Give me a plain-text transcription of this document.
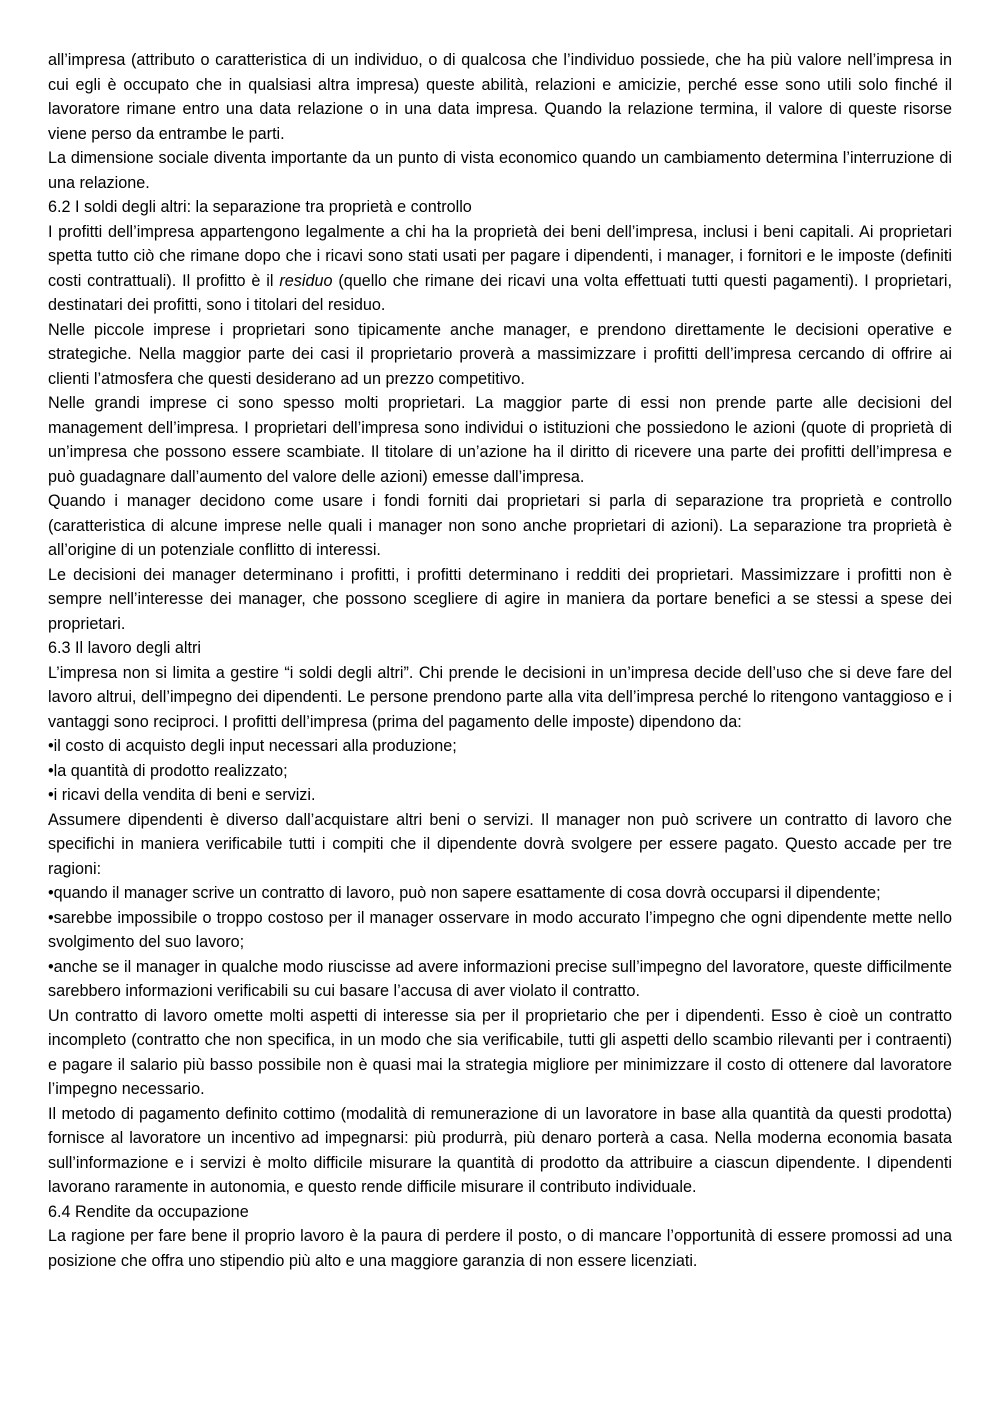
all’impresa (attributo o caratteristica di un individuo, o di qualcosa che l’individuo possiede, che ha più valore nell’impresa in cui egli è occupato che in qualsiasi altra impresa) queste abilità, relazioni e amicizie, perché esse sono utili solo finché il lavoratore rimane entro una data relazione o in una data impresa. Quando la relazione termina, il valore di queste risorse viene perso da entrambe le parti.

La dimensione sociale diventa importante da un punto di vista economico quando un cambiamento determina l’interruzione di una relazione.

6.2 I soldi degli altri: la separazione tra proprietà e controllo

I profitti dell’impresa appartengono legalmente a chi ha la proprietà dei beni dell’impresa, inclusi i beni capitali. Ai proprietari spetta tutto ciò che rimane dopo che i ricavi sono stati usati per pagare i dipendenti, i manager, i fornitori e le imposte (definiti costi contrattuali). Il profitto è il residuo (quello che rimane dei ricavi una volta effettuati tutti questi pagamenti). I proprietari, destinatari dei profitti, sono i titolari del residuo.

Nelle piccole imprese i proprietari sono tipicamente anche manager, e prendono direttamente le decisioni operative e strategiche. Nella maggior parte dei casi il proprietario proverà a massimizzare i profitti dell’impresa cercando di offrire ai clienti l’atmosfera che questi desiderano ad un prezzo competitivo.

Nelle grandi imprese ci sono spesso molti proprietari. La maggior parte di essi non prende parte alle decisioni del management dell’impresa. I proprietari dell’impresa sono individui o istituzioni che possiedono le azioni (quote di proprietà di un’impresa che possono essere scambiate. Il titolare di un’azione ha il diritto di ricevere una parte dei profitti dell’impresa e può guadagnare dall’aumento del valore delle azioni) emesse dall’impresa.

Quando i manager decidono come usare i fondi forniti dai proprietari si parla di separazione tra proprietà e controllo (caratteristica di alcune imprese nelle quali i manager non sono anche proprietari di azioni). La separazione tra proprietà è all’origine di un potenziale conflitto di interessi.

Le decisioni dei manager determinano i profitti, i profitti determinano i redditi dei proprietari. Massimizzare i profitti non è sempre nell’interesse dei manager, che possono scegliere di agire in maniera da portare benefici a se stessi a spese dei proprietari.

6.3 Il lavoro degli altri

L’impresa non si limita a gestire “i soldi degli altri”. Chi prende le decisioni in un’impresa decide dell’uso che si deve fare del lavoro altrui, dell’impegno dei dipendenti. Le persone prendono parte alla vita dell’impresa perché lo ritengono vantaggioso e i vantaggi sono reciproci. I profitti dell’impresa (prima del pagamento delle imposte) dipendono da:

•il costo di acquisto degli input necessari alla produzione;

•la quantità di prodotto realizzato;

•i ricavi della vendita di beni e servizi.

Assumere dipendenti è diverso dall’acquistare altri beni o servizi. Il manager non può scrivere un contratto di lavoro che specifichi in maniera verificabile tutti i compiti che il dipendente dovrà svolgere per essere pagato. Questo accade per tre ragioni:

•quando il manager scrive un contratto di lavoro, può non sapere esattamente di cosa dovrà occuparsi il dipendente;

•sarebbe impossibile o troppo costoso per il manager osservare in modo accurato l’impegno che ogni dipendente mette nello svolgimento del suo lavoro;

•anche se il manager in qualche modo riuscisse ad avere informazioni precise sull’impegno del lavoratore, queste difficilmente sarebbero informazioni verificabili su cui basare l’accusa di aver violato il contratto.

Un contratto di lavoro omette molti aspetti di interesse sia per il proprietario che per i dipendenti. Esso è cioè un contratto incompleto (contratto che non specifica, in un modo che sia verificabile, tutti gli aspetti dello scambio rilevanti per i contraenti) e pagare il salario più basso possibile non è quasi mai la strategia migliore per minimizzare il costo di ottenere dal lavoratore l’impegno necessario.

Il metodo di pagamento definito cottimo (modalità di remunerazione di un lavoratore in base alla quantità da questi prodotta) fornisce al lavoratore un incentivo ad impegnarsi: più produrrà, più denaro porterà a casa. Nella moderna economia basata sull’informazione e i servizi è molto difficile misurare la quantità di prodotto da attribuire a ciascun dipendente. I dipendenti lavorano raramente in autonomia, e questo rende difficile misurare il contributo individuale.

6.4 Rendite da occupazione

La ragione per fare bene il proprio lavoro è la paura di perdere il posto, o di mancare l’opportunità di essere promossi ad una posizione che offra uno stipendio più alto e una maggiore garanzia di non essere licenziati.
